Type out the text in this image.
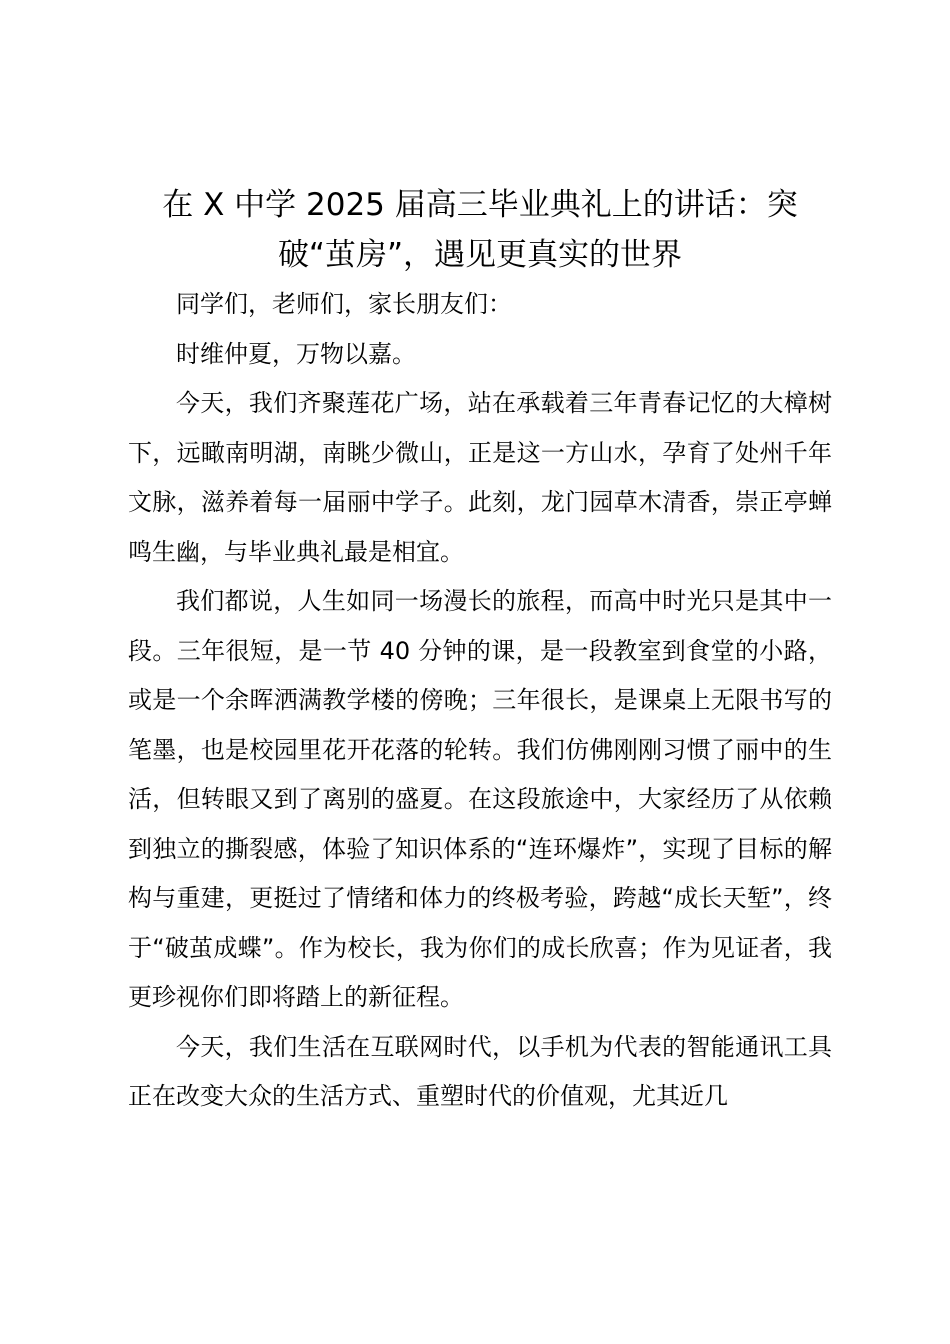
在 X 中学 2025 届高三毕业典礼上的讲话：突破“茧房”，遇见更真实的世界

同学们，老师们，家长朋友们：

时维仲夏，万物以嘉。

今天，我们齐聚莲花广场，站在承载着三年青春记忆的大樟树下，远瞰南明湖，南眺少微山，正是这一方山水，孕育了处州千年文脉，滋养着每一届丽中学子。此刻，龙门园草木清香，崇正亭蝉鸣生幽，与毕业典礼最是相宜。

我们都说，人生如同一场漫长的旅程，而高中时光只是其中一段。三年很短，是一节 40 分钟的课，是一段教室到食堂的小路，或是一个余晖洒满教学楼的傍晚；三年很长，是课桌上无限书写的笔墨，也是校园里花开花落的轮转。我们仿佛刚刚习惯了丽中的生活，但转眼又到了离别的盛夏。在这段旅途中，大家经历了从依赖到独立的撕裂感，体验了知识体系的“连环爆炸”，实现了目标的解构与重建，更挺过了情绪和体力的终极考验，跨越“成长天堑”，终于“破茧成蝶”。作为校长，我为你们的成长欣喜；作为见证者，我更珍视你们即将踏上的新征程。

今天，我们生活在互联网时代，以手机为代表的智能通讯工具正在改变大众的生活方式、重塑时代的价值观，尤其近几
